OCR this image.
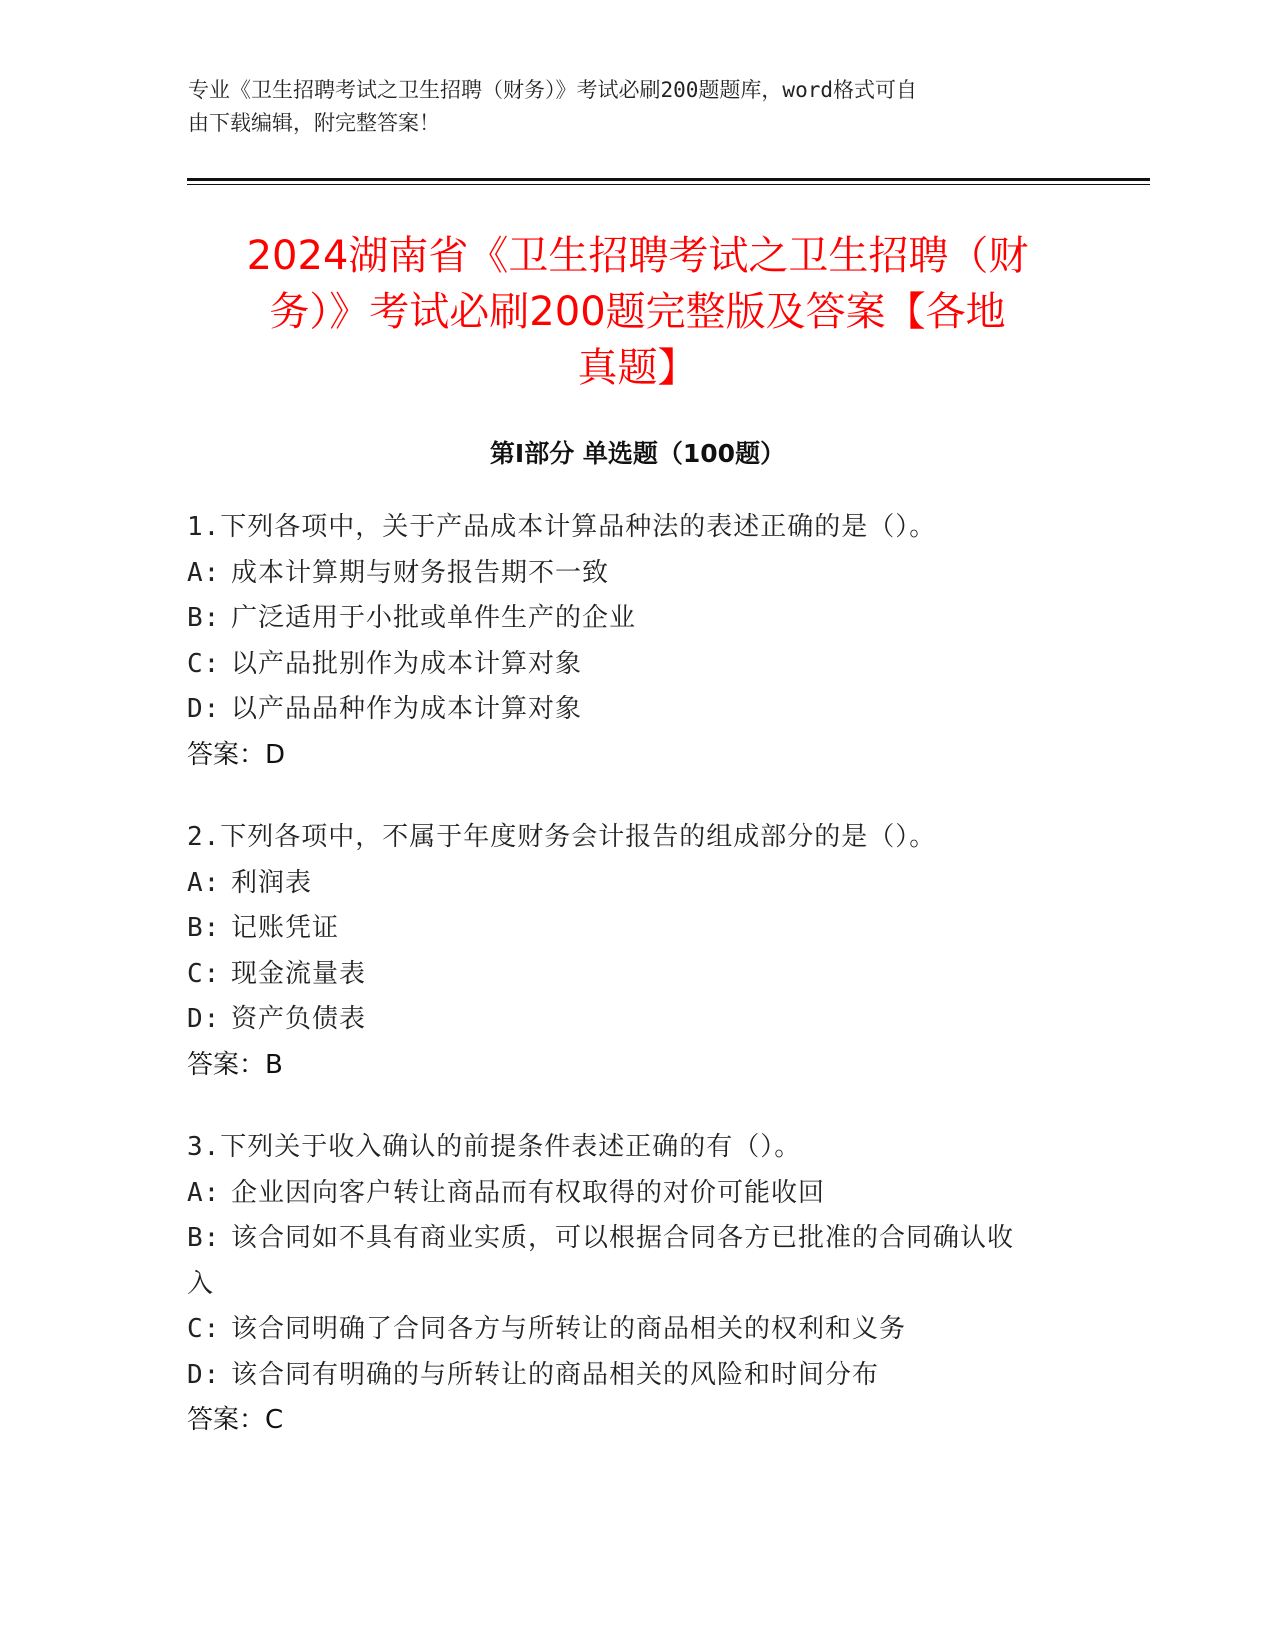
专业《卫生招聘考试之卫生招聘（财务）》考试必刷200题题库，word格式可自
由下载编辑，附完整答案！
2024湖南省《卫生招聘考试之卫生招聘（财
务）》考试必刷200题完整版及答案【各地
真题】
第Ⅰ部分 单选题（100题）
1.下列各项中，关于产品成本计算品种法的表述正确的是（）。
A: 成本计算期与财务报告期不一致
B: 广泛适用于小批或单件生产的企业
C: 以产品批别作为成本计算对象
D: 以产品品种作为成本计算对象
答案：D
2.下列各项中，不属于年度财务会计报告的组成部分的是（）。
A: 利润表
B: 记账凭证
C: 现金流量表
D: 资产负债表
答案：B
3.下列关于收入确认的前提条件表述正确的有（）。
A: 企业因向客户转让商品而有权取得的对价可能收回
B: 该合同如不具有商业实质，可以根据合同各方已批准的合同确认收
入
C: 该合同明确了合同各方与所转让的商品相关的权利和义务
D: 该合同有明确的与所转让的商品相关的风险和时间分布
答案：C
